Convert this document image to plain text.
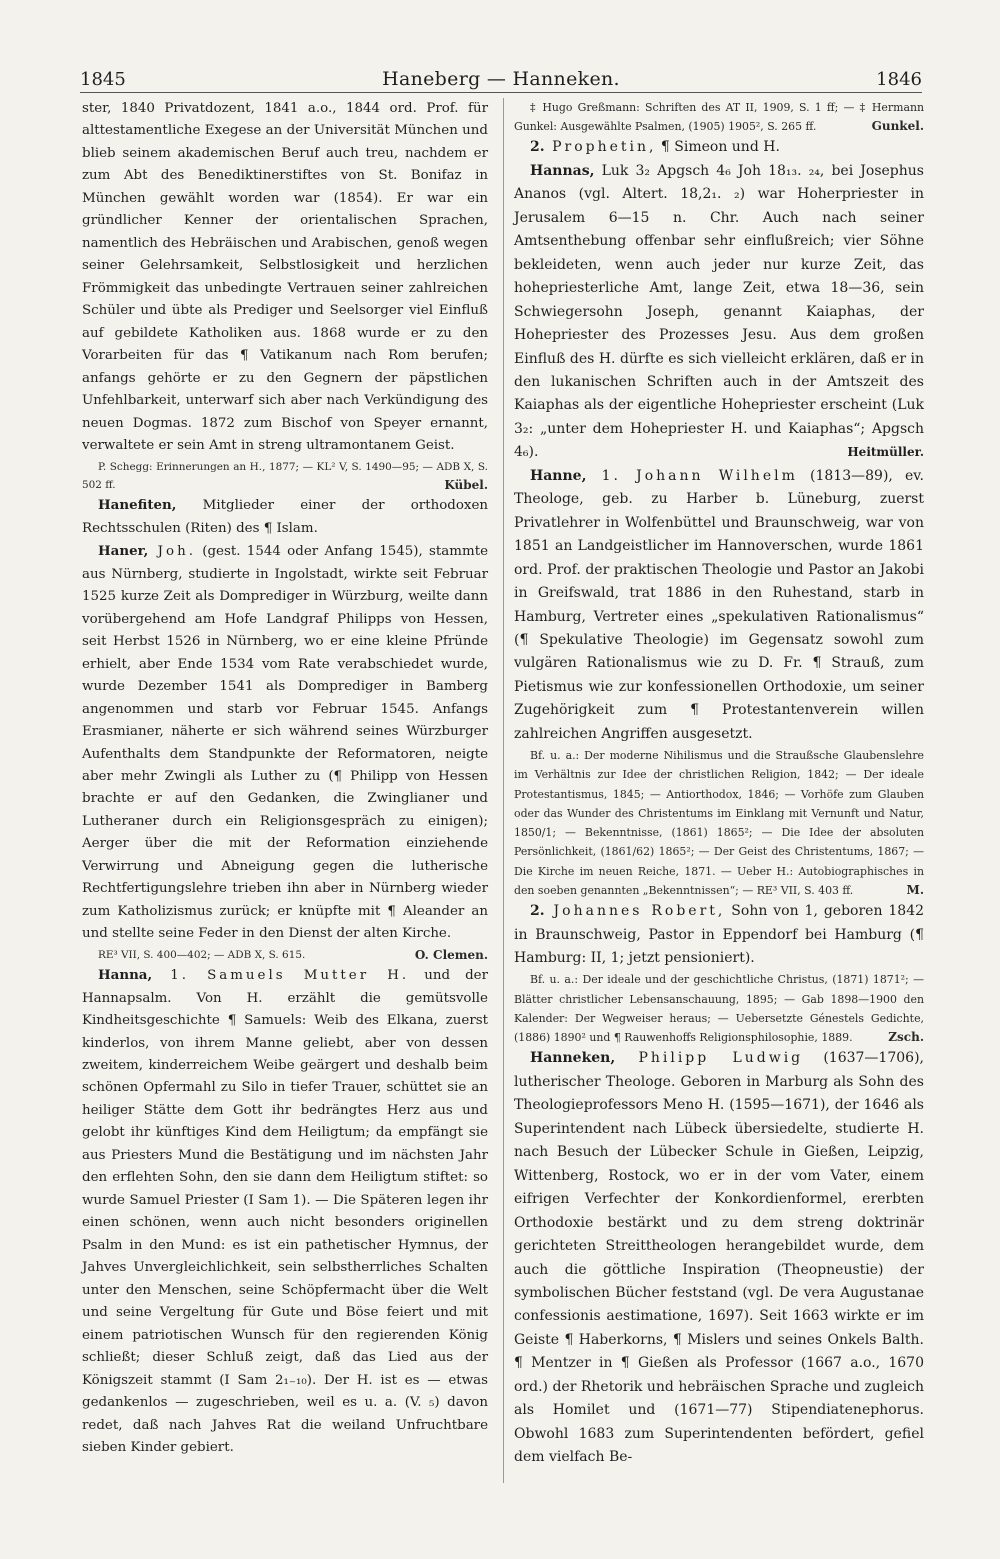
1845	Haneberg — Hanneken.	1846

ster, 1840 Privatdozent, 1841 a.o., 1844 ord. Prof. für alttestamentliche Exegese an der Universität München und blieb seinem akademischen Beruf auch treu, nachdem er zum Abt des Benediktinerstiftes von St. Bonifaz in München gewählt worden war (1854). Er war ein gründlicher Kenner der orientalischen Sprachen, namentlich des Hebräischen und Arabischen, genoß wegen seiner Gelehrsamkeit, Selbstlosigkeit und herzlichen Frömmigkeit das unbedingte Vertrauen seiner zahlreichen Schüler und übte als Prediger und Seelsorger viel Einfluß auf gebildete Katholiken aus. 1868 wurde er zu den Vorarbeiten für das ¶ Vatikanum nach Rom berufen; anfangs gehörte er zu den Gegnern der päpstlichen Unfehlbarkeit, unterwarf sich aber nach Verkündigung des neuen Dogmas. 1872 zum Bischof von Speyer ernannt, verwaltete er sein Amt in streng ultramontanem Geist.

P. Schegg: Erinnerungen an H., 1877; — KL² V, S. 1490—95; — ADB X, S. 502 ff.	Kübel.

Hanefiten, Mitglieder einer der orthodoxen Rechtsschulen (Riten) des ¶ Islam.

Haner, Joh. (gest. 1544 oder Anfang 1545), stammte aus Nürnberg, studierte in Ingolstadt, wirkte seit Februar 1525 kurze Zeit als Domprediger in Würzburg, weilte dann vorübergehend am Hofe Landgraf Philipps von Hessen, seit Herbst 1526 in Nürnberg, wo er eine kleine Pfründe erhielt, aber Ende 1534 vom Rate verabschiedet wurde, wurde Dezember 1541 als Domprediger in Bamberg angenommen und starb vor Februar 1545. Anfangs Erasmianer, näherte er sich während seines Würzburger Aufenthalts dem Standpunkte der Reformatoren, neigte aber mehr Zwingli als Luther zu (¶ Philipp von Hessen brachte er auf den Gedanken, die Zwinglianer und Lutheraner durch ein Religionsgespräch zu einigen); Aerger über die mit der Reformation einziehende Verwirrung und Abneigung gegen die lutherische Rechtfertigungslehre trieben ihn aber in Nürnberg wieder zum Katholizismus zurück; er knüpfte mit ¶ Aleander an und stellte seine Feder in den Dienst der alten Kirche.

RE³ VII, S. 400—402; — ADB X, S. 615.	O. Clemen.

Hanna, 1. Samuels Mutter H. und der Hannapsalm. Von H. erzählt die gemütsvolle Kindheitsgeschichte ¶ Samuels: Weib des Elkana, zuerst kinderlos, von ihrem Manne geliebt, aber von dessen zweitem, kinderreichem Weibe geärgert und deshalb beim schönen Opfermahl zu Silo in tiefer Trauer, schüttet sie an heiliger Stätte dem Gott ihr bedrängtes Herz aus und gelobt ihr künftiges Kind dem Heiligtum; da empfängt sie aus Priesters Mund die Bestätigung und im nächsten Jahr den erflehten Sohn, den sie dann dem Heiligtum stiftet: so wurde Samuel Priester (I Sam 1). — Die Späteren legen ihr einen schönen, wenn auch nicht besonders originellen Psalm in den Mund: es ist ein pathetischer Hymnus, der Jahves Unvergleichlichkeit, sein selbstherrliches Schalten unter den Menschen, seine Schöpfermacht über die Welt und seine Vergeltung für Gute und Böse feiert und mit einem patriotischen Wunsch für den regierenden König schließt; dieser Schluß zeigt, daß das Lied aus der Königszeit stammt (I Sam 2₁₋₁₀). Der H. ist es — etwas gedankenlos — zugeschrieben, weil es u. a. (V. ₅) davon redet, daß nach Jahves Rat die weiland Unfruchtbare sieben Kinder gebiert.

‡ Hugo Greßmann: Schriften des AT II, 1909, S. 1 ff; — ‡ Hermann Gunkel: Ausgewählte Psalmen, (1905) 1905², S. 265 ff.	Gunkel.

2. Prophetin, ¶ Simeon und H.

Hannas, Luk 3₂ Apgsch 4₆ Joh 18₁₃. ₂₄, bei Josephus Ananos (vgl. Altert. 18,2₁. ₂) war Hoherpriester in Jerusalem 6—15 n. Chr. Auch nach seiner Amtsenthebung offenbar sehr einflußreich; vier Söhne bekleideten, wenn auch jeder nur kurze Zeit, das hohepriesterliche Amt, lange Zeit, etwa 18—36, sein Schwiegersohn Joseph, genannt Kaiaphas, der Hohepriester des Prozesses Jesu. Aus dem großen Einfluß des H. dürfte es sich vielleicht erklären, daß er in den lukanischen Schriften auch in der Amtszeit des Kaiaphas als der eigentliche Hohepriester erscheint (Luk 3₂: „unter dem Hohepriester H. und Kaiaphas“; Apgsch 4₆).	Heitmüller.

Hanne, 1. Johann Wilhelm (1813—89), ev. Theologe, geb. zu Harber b. Lüneburg, zuerst Privatlehrer in Wolfenbüttel und Braunschweig, war von 1851 an Landgeistlicher im Hannoverschen, wurde 1861 ord. Prof. der praktischen Theologie und Pastor an Jakobi in Greifswald, trat 1886 in den Ruhestand, starb in Hamburg, Vertreter eines „spekulativen Rationalismus“ (¶ Spekulative Theologie) im Gegensatz sowohl zum vulgären Rationalismus wie zu D. Fr. ¶ Strauß, zum Pietismus wie zur konfessionellen Orthodoxie, um seiner Zugehörigkeit zum ¶ Protestantenverein willen zahlreichen Angriffen ausgesetzt.

Bf. u. a.: Der moderne Nihilismus und die Straußsche Glaubenslehre im Verhältnis zur Idee der christlichen Religion, 1842; — Der ideale Protestantismus, 1845; — Antiorthodox, 1846; — Vorhöfe zum Glauben oder das Wunder des Christentums im Einklang mit Vernunft und Natur, 1850/1; — Bekenntnisse, (1861) 1865²; — Die Idee der absoluten Persönlichkeit, (1861/62) 1865²; — Der Geist des Christentums, 1867; — Die Kirche im neuen Reiche, 1871. — Ueber H.: Autobiographisches in den soeben genannten „Bekenntnissen“; — RE³ VII, S. 403 ff.	M.

2. Johannes Robert, Sohn von 1, geboren 1842 in Braunschweig, Pastor in Eppendorf bei Hamburg (¶ Hamburg: II, 1; jetzt pensioniert).

Bf. u. a.: Der ideale und der geschichtliche Christus, (1871) 1871²; — Blätter christlicher Lebensanschauung, 1895; — Gab 1898—1900 den Kalender: Der Wegweiser heraus; — Uebersetzte Génestels Gedichte, (1886) 1890² und ¶ Rauwenhoffs Religionsphilosophie, 1889.	Zsch.

Hanneken, Philipp Ludwig (1637—1706), lutherischer Theologe. Geboren in Marburg als Sohn des Theologieprofessors Meno H. (1595—1671), der 1646 als Superintendent nach Lübeck übersiedelte, studierte H. nach Besuch der Lübecker Schule in Gießen, Leipzig, Wittenberg, Rostock, wo er in der vom Vater, einem eifrigen Verfechter der Konkordienformel, ererbten Orthodoxie bestärkt und zu dem streng doktrinär gerichteten Streittheologen herangebildet wurde, dem auch die göttliche Inspiration (Theopneustie) der symbolischen Bücher feststand (vgl. De vera Augustanae confessionis aestimatione, 1697). Seit 1663 wirkte er im Geiste ¶ Haberkorns, ¶ Mislers und seines Onkels Balth. ¶ Mentzer in ¶ Gießen als Professor (1667 a.o., 1670 ord.) der Rhetorik und hebräischen Sprache und zugleich als Homilet und (1671—77) Stipendiatenephorus. Obwohl 1683 zum Superintendenten befördert, gefiel dem vielfach Be-
